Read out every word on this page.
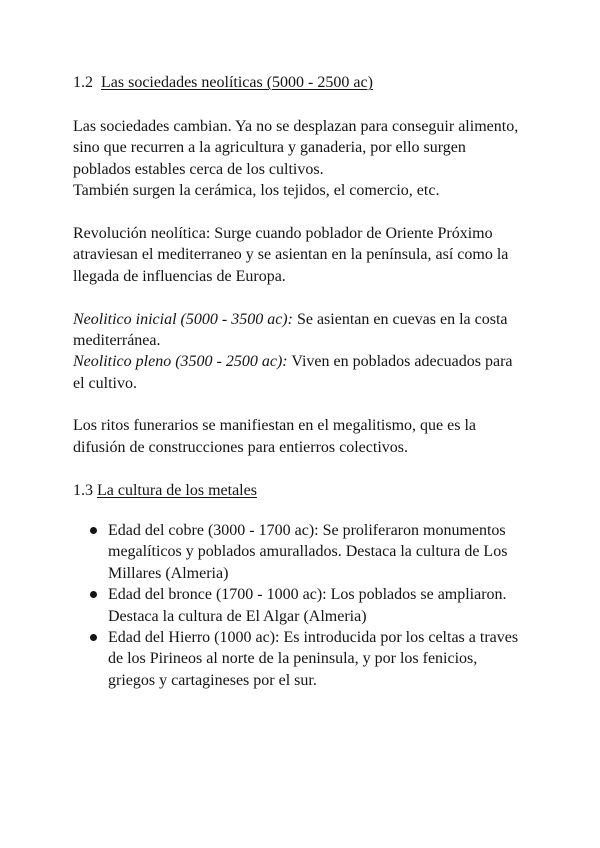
1.2 Las sociedades neolíticas (5000 - 2500 ac)
Las sociedades cambian. Ya no se desplazan para conseguir alimento,
sino que recurren a la agricultura y ganaderia, por ello surgen
poblados estables cerca de los cultivos.
También surgen la cerámica, los tejidos, el comercio, etc.
Revolución neolítica: Surge cuando poblador de Oriente Próximo
atraviesan el mediterraneo y se asientan en la península, así como la
llegada de influencias de Europa.
Neolitico inicial (5000 - 3500 ac): Se asientan en cuevas en la costa
mediterránea.
Neolitico pleno (3500 - 2500 ac): Viven en poblados adecuados para
el cultivo.
Los ritos funerarios se manifiestan en el megalitismo, que es la
difusión de construcciones para entierros colectivos.
1.3 La cultura de los metales
Edad del cobre (3000 - 1700 ac): Se proliferaron monumentos
megalíticos y poblados amurallados. Destaca la cultura de Los
Millares (Almeria)
Edad del bronce (1700 - 1000 ac): Los poblados se ampliaron.
Destaca la cultura de El Algar (Almeria)
Edad del Hierro (1000 ac): Es introducida por los celtas a traves
de los Pirineos al norte de la peninsula, y por los fenicios,
griegos y cartagineses por el sur.
